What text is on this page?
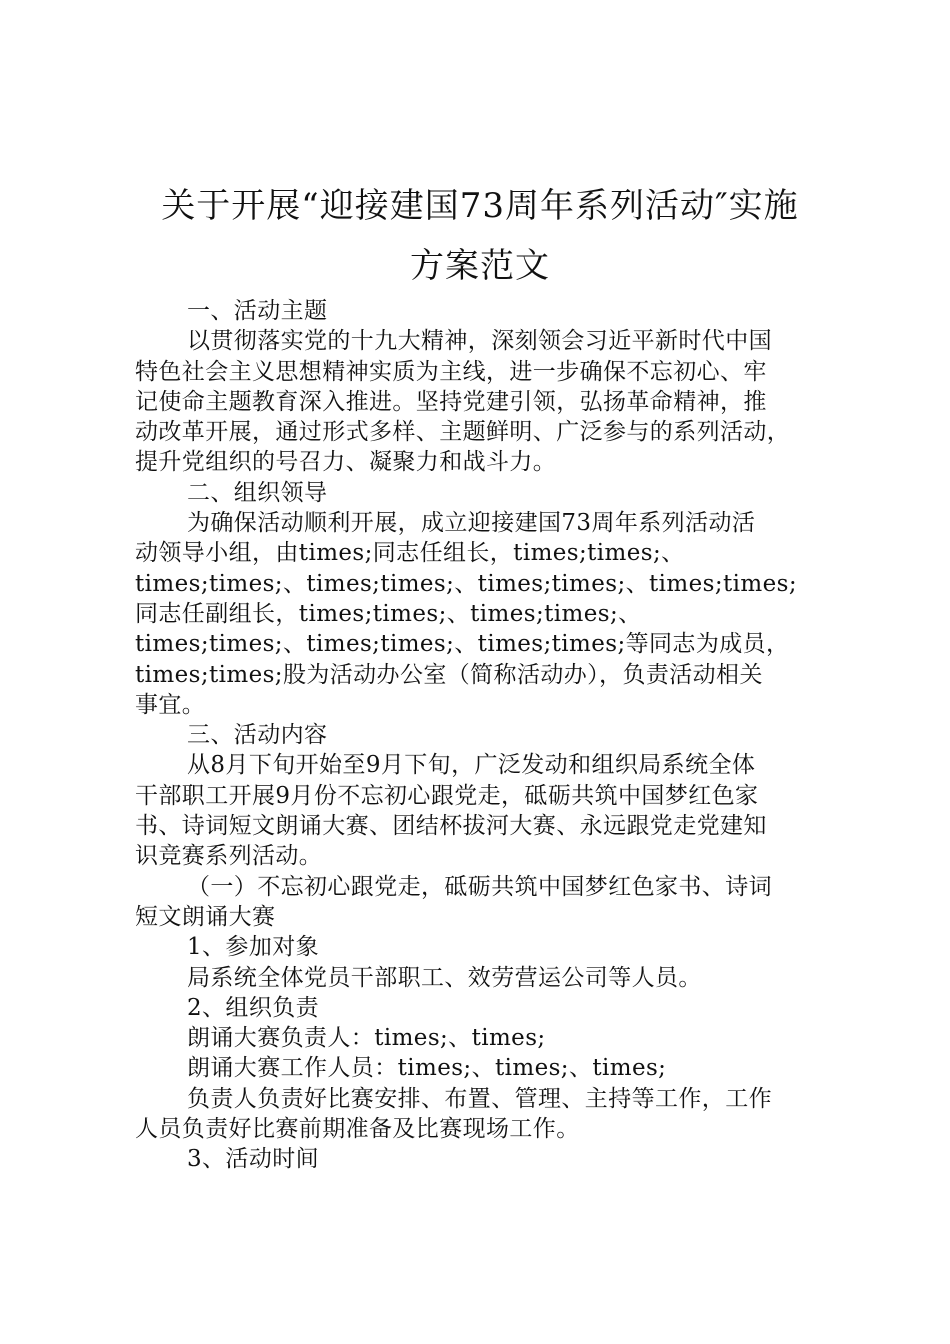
关于开展“迎接建国73周年系列活动″实施
方案范文
一、活动主题
以贯彻落实党的十九大精神，深刻领会习近平新时代中国
特色社会主义思想精神实质为主线，进一步确保不忘初心、牢
记使命主题教育深入推进。坚持党建引领，弘扬革命精神，推
动改革开展，通过形式多样、主题鲜明、广泛参与的系列活动，
提升党组织的号召力、凝聚力和战斗力。
二、组织领导
为确保活动顺利开展，成立迎接建国73周年系列活动活
动领导小组，由times;同志任组长，times;times;、
times;times;、times;times;、times;times;、times;times;
同志任副组长，times;times;、times;times;、
times;times;、times;times;、times;times;等同志为成员，
times;times;股为活动办公室（简称活动办），负责活动相关
事宜。
三、活动内容
从8月下旬开始至9月下旬，广泛发动和组织局系统全体
干部职工开展9月份不忘初心跟党走，砥砺共筑中国梦红色家
书、诗词短文朗诵大赛、团结杯拔河大赛、永远跟党走党建知
识竞赛系列活动。
（一）不忘初心跟党走，砥砺共筑中国梦红色家书、诗词
短文朗诵大赛
1、参加对象
局系统全体党员干部职工、效劳营运公司等人员。
2、组织负责
朗诵大赛负责人：times;、times;
朗诵大赛工作人员：times;、times;、times;
负责人负责好比赛安排、布置、管理、主持等工作，工作
人员负责好比赛前期准备及比赛现场工作。
3、活动时间
